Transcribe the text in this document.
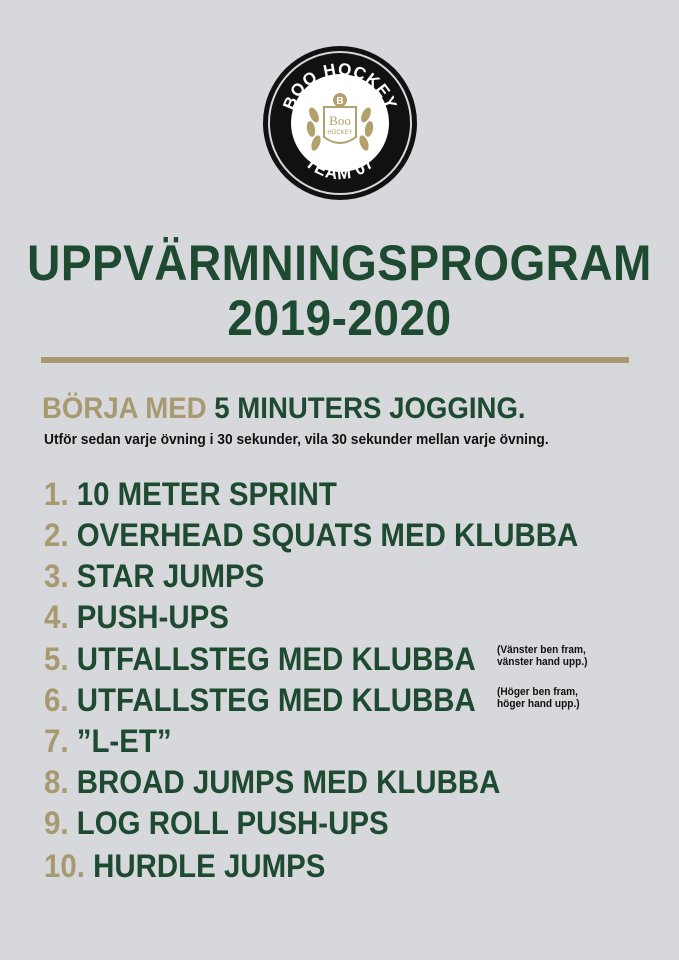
BOO HOCKEY
TEAM 07
B
Boo
HOCKEY
UPPVÄRMNINGSPROGRAM
2019-2020
BÖRJA MED 5 MINUTERS JOGGING.
Utför sedan varje övning i 30 sekunder, vila 30 sekunder mellan varje övning.
1. 10 METER SPRINT
2. OVERHEAD SQUATS MED KLUBBA
3. STAR JUMPS
4. PUSH-UPS
5. UTFALLSTEG MED KLUBBA (Vänster ben fram,
vänster hand upp.)
6. UTFALLSTEG MED KLUBBA (Höger ben fram,
höger hand upp.)
7. ”L-ET”
8. BROAD JUMPS MED KLUBBA
9. LOG ROLL PUSH-UPS
10. HURDLE JUMPS
